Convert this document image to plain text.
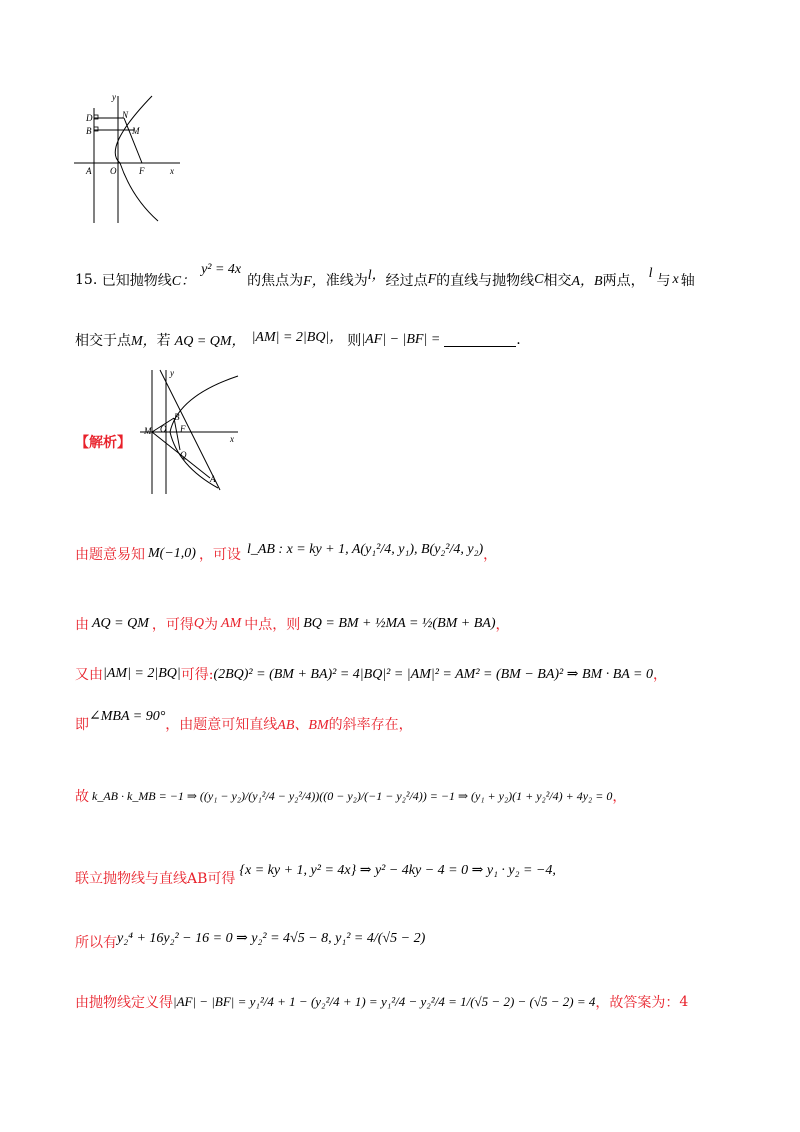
y
x
N
D
B	M
A O	F
15.
已知抛物线 C：
y² = 4x
的焦点为 F， 准线为 l， 经过点 F 的直线与抛物线 C 相交 A，B 两点， l 与 x 轴
相交于点 M， 若 AQ = QM， |AM| = 2|BQ|， 则 |AF| − |BF| =	.
y
x
M O F
B
Q
A
【解析】
由题意易知 M(−1,0) ，可设 l_AB : x = ky + 1, A(y₁²/4, y₁), B(y₂²/4, y₂) ，
由 AQ = QM ，可得 Q 为 AM 中点，则 BQ = BM + ½MA = ½(BM + BA) ，
又由 |AM| = 2|BQ| 可得: (2BQ)² = (BM + BA)² = 4|BQ|² = |AM|² = AM² = (BM − BA)² ⇒ BM · BA = 0 ，
即
∠MBA = 90°
，由题意可知直线 AB、BM 的斜率存在，
故 k_AB · k_MB = −1 ⇒ ((y₁ − y₂)/(y₁²/4 − y₂²/4))((0 − y₂)/(−1 − y₂²/4)) = −1 ⇒ (y₁ + y₂)(1 + y₂²/4) + 4y₂ = 0 ，
联立抛物线与直线AB可得
{x = ky + 1, y² = 4x} ⇒ y² − 4ky − 4 = 0 ⇒ y₁ · y₂ = −4,
所以有 y₂⁴ + 16y₂² − 16 = 0 ⇒ y₂² = 4√5 − 8, y₁² = 4/(√5 − 2)
由抛物线定义得 |AF| − |BF| = y₁²/4 + 1 − (y₂²/4 + 1) = y₁²/4 − y₂²/4 = 1/(√5 − 2) − (√5 − 2) = 4 ，故答案为： 4
